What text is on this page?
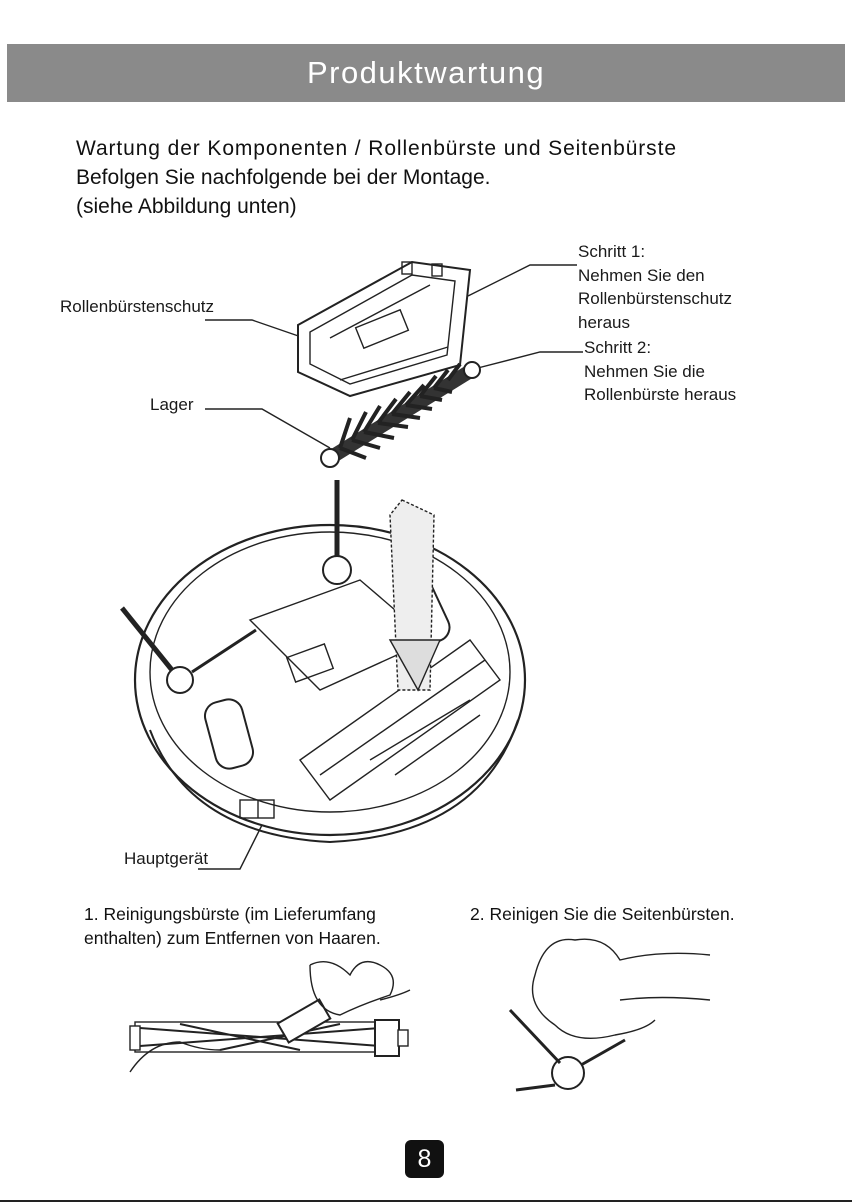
Produktwartung
Wartung der Komponenten / Rollenbürste und Seitenbürste
Befolgen Sie nachfolgende bei der Montage.
(siehe Abbildung unten)
Rollenbürstenschutz
Lager
Hauptgerät
Schritt 1:
Nehmen Sie den
Rollenbürstenschutz
heraus
Schritt 2:
Nehmen Sie die
Rollenbürste heraus
1. Reinigungsbürste (im Lieferumfang
enthalten) zum Entfernen von Haaren.
2. Reinigen Sie die Seitenbürsten.
8
